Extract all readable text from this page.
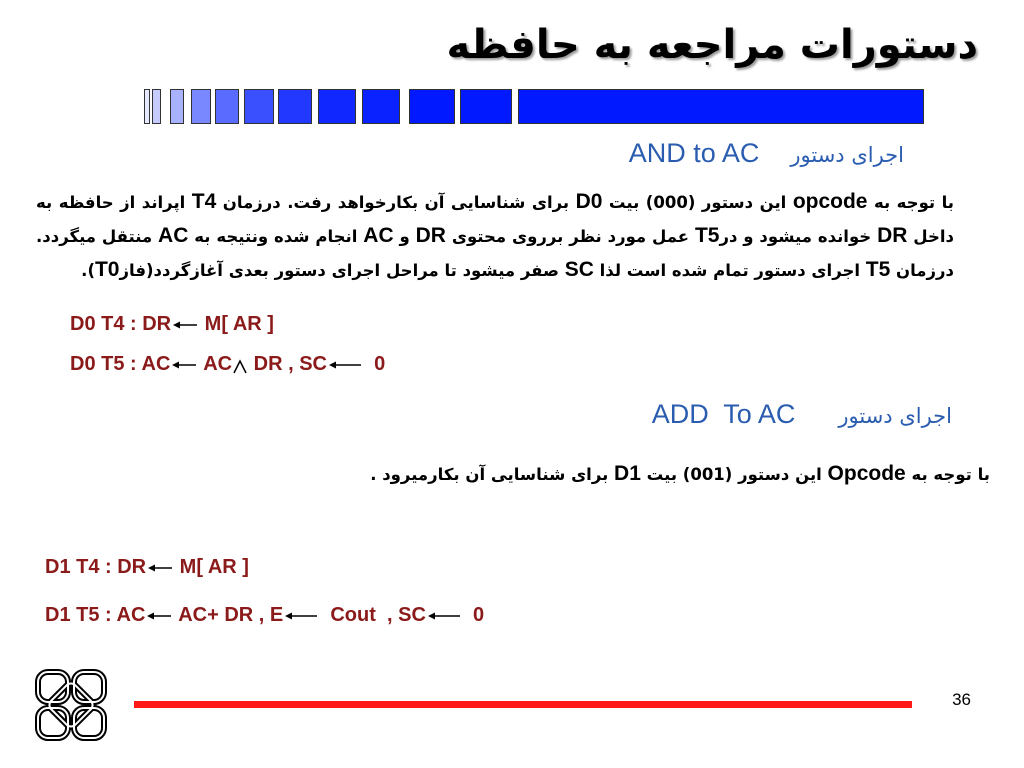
دستورات مراجعه به حافظه
اجرای دستور  AND to AC
با توجه به opcode این دستور (000) بیت D0 برای شناسایی آن بکارخواهد رفت. درزمان T4 اپراند از حافظه به داخل DR خوانده میشود و درT5 عمل مورد نظر برروی محتوی DR و AC انجام شده ونتیجه به AC منتقل میگردد. درزمان T5 اجرای دستور تمام شده است لذا SC صفر میشود تا مراحل اجرای دستور بعدی آغازگردد(فازT0).
D0 T4 : DR
M[ AR ]
D0 T5 : AC
AC DR , SC
0
اجرای دستور  ADD  To AC
با توجه به Opcode این دستور (001) بیت D1 برای شناسایی آن بکارمیرود .
D1 T4 : DR
M[ AR ]
D1 T5 : AC
AC+ DR , E
Cout  , SC
0
36
